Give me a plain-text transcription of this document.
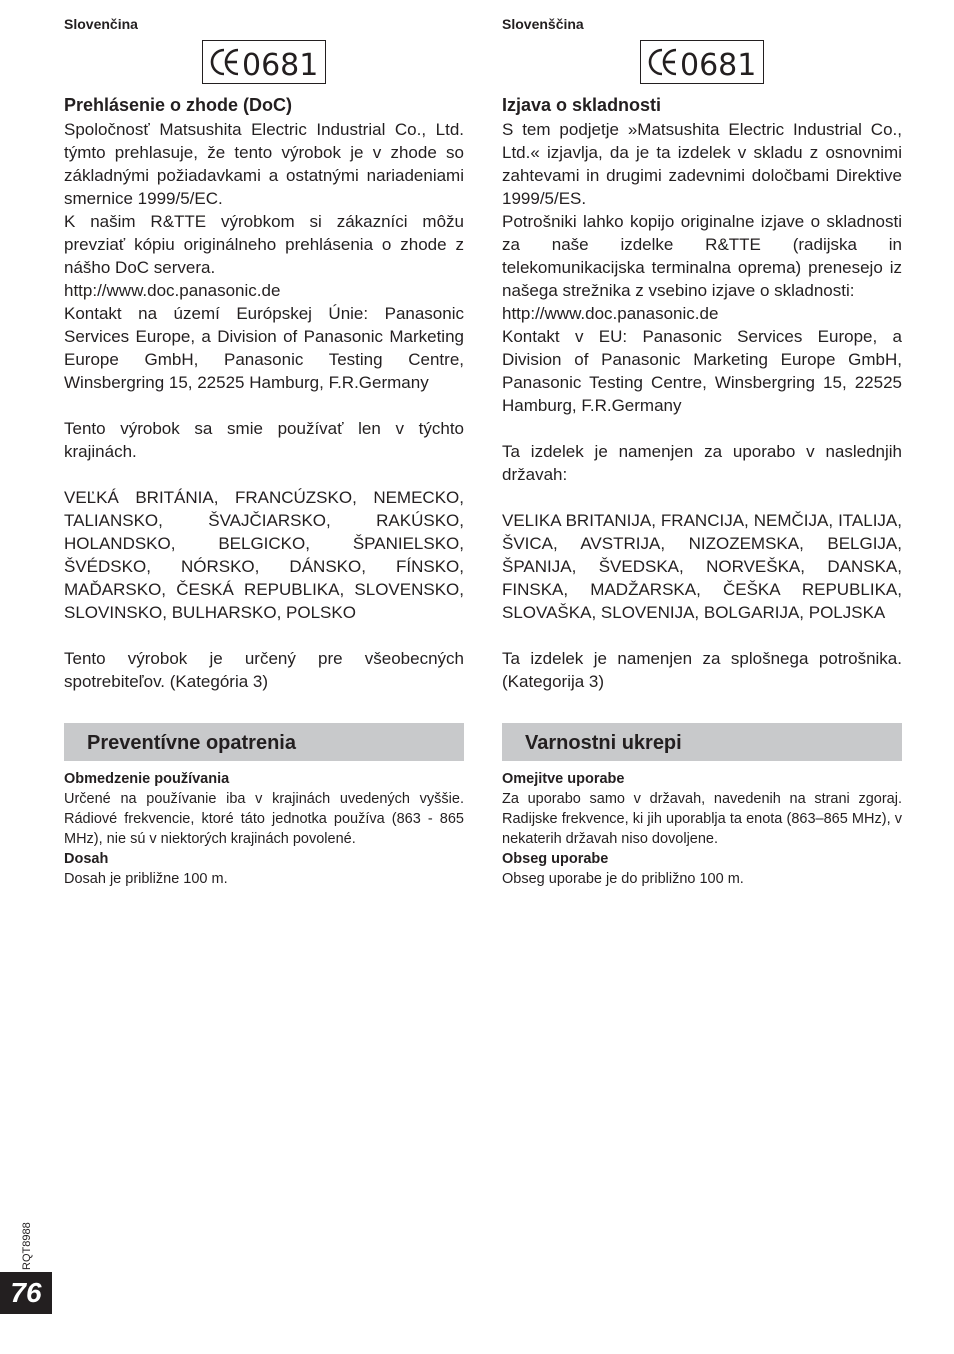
Slovenčina
0681
Prehlásenie o zhode (DoC)

Spoločnosť Matsushita Electric Industrial Co., Ltd. týmto prehlasuje, že tento výrobok je v zhode so základnými požiadavkami a ostatnými nariadeniami smernice 1999/5/EC.

K našim R&TTE výrobkom si zákazníci môžu prevziať kópiu originálneho prehlásenia o zhode z nášho DoC servera.

http://www.doc.panasonic.de

Kontakt na území Európskej Únie: Panasonic Services Europe, a Division of Panasonic Marketing Europe GmbH, Panasonic Testing Centre, Winsbergring 15, 22525 Hamburg, F.R.Germany

Tento výrobok sa smie používať len v týchto krajinách.

VEĽKÁ BRITÁNIA, FRANCÚZSKO, NEMECKO, TALIANSKO, ŠVAJČIARSKO, RAKÚSKO, HOLANDSKO, BELGICKO, ŠPANIELSKO, ŠVÉDSKO, NÓRSKO, DÁNSKO, FÍNSKO, MAĎARSKO, ČESKÁ REPUBLIKA, SLOVENSKO, SLOVINSKO, BULHARSKO, POLSKO

Tento výrobok je určený pre všeobecných spotrebiteľov. (Kategória 3)

Preventívne opatrenia

Obmedzenie používania

Určené na používanie iba v krajinách uvedených vyššie. Rádiové frekvencie, ktoré táto jednotka používa (863 - 865 MHz), nie sú v niektorých krajinách povolené.

Dosah

Dosah je približne 100 m.

Slovenščina
0681
Izjava o skladnosti

S tem podjetje »Matsushita Electric Industrial Co., Ltd.« izjavlja, da je ta izdelek v skladu z osnovnimi zahtevami in drugimi zadevnimi določbami Direktive 1999/5/ES.

Potrošniki lahko kopijo originalne izjave o skladnosti za naše izdelke R&TTE (radijska in telekomunikacijska terminalna oprema) prenesejo iz našega strežnika z vsebino izjave o skladnosti:

http://www.doc.panasonic.de

Kontakt v EU: Panasonic Services Europe, a Division of Panasonic Marketing Europe GmbH, Panasonic Testing Centre, Winsbergring 15, 22525 Hamburg, F.R.Germany

Ta izdelek je namenjen za uporabo v naslednjih državah:

VELIKA BRITANIJA, FRANCIJA, NEMČIJA, ITALIJA, ŠVICA, AVSTRIJA, NIZOZEMSKA, BELGIJA, ŠPANIJA, ŠVEDSKA, NORVEŠKA, DANSKA, FINSKA, MADŽARSKA, ČEŠKA REPUBLIKA, SLOVAŠKA, SLOVENIJA, BOLGARIJA, POLJSKA

Ta izdelek je namenjen za splošnega potrošnika. (Kategorija 3)

Varnostni ukrepi

Omejitve uporabe

Za uporabo samo v državah, navedenih na strani zgoraj. Radijske frekvence, ki jih uporablja ta enota (863–865 MHz), v nekaterih državah niso dovoljene.

Obseg uporabe

Obseg uporabe je do približno 100 m.

RQT8988
76
